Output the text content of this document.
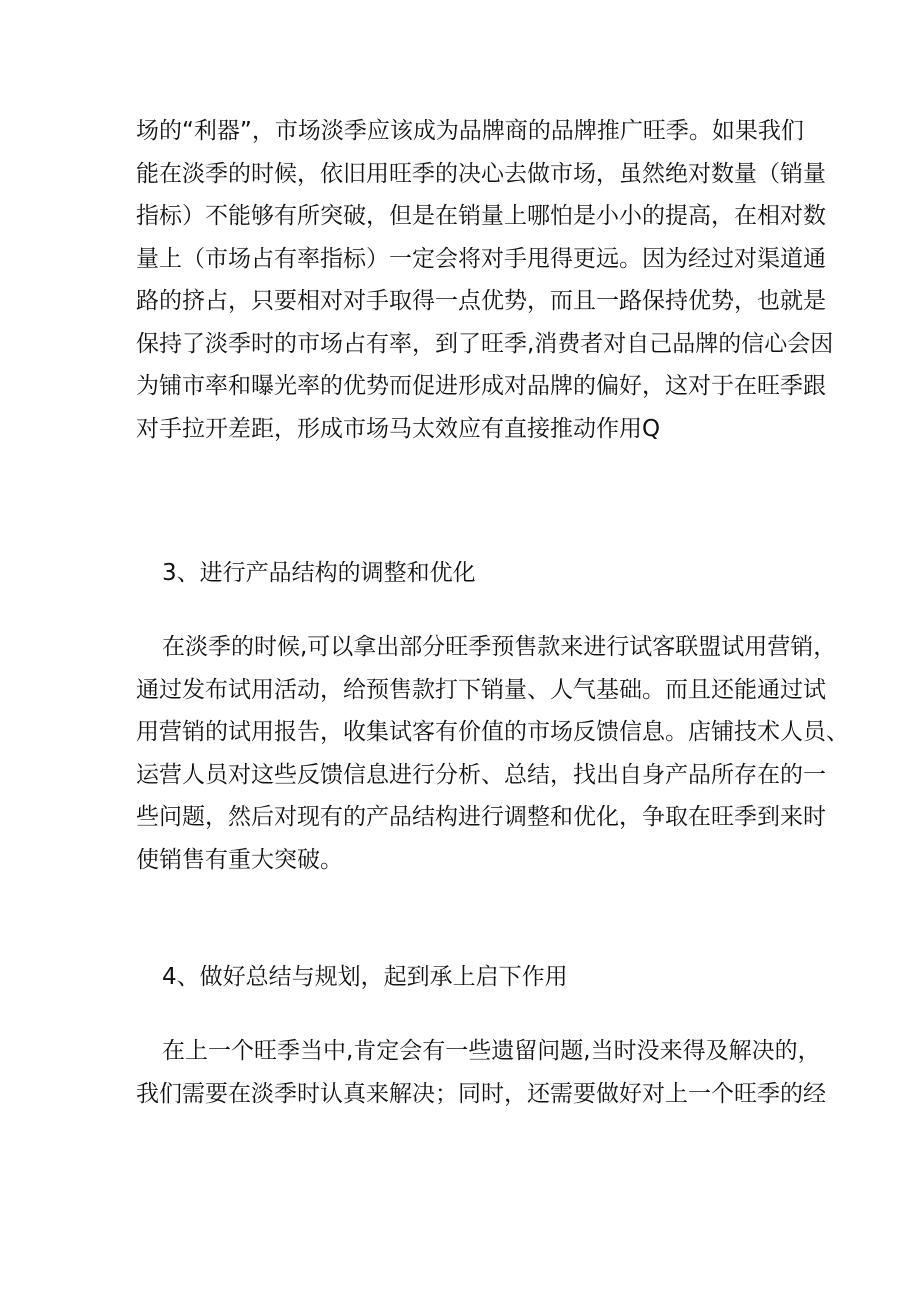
场的“利器”，市场淡季应该成为品牌商的品牌推广旺季。如果我们
能在淡季的时候，依旧用旺季的决心去做市场，虽然绝对数量（销量
指标）不能够有所突破，但是在销量上哪怕是小小的提高，在相对数
量上（市场占有率指标）一定会将对手甩得更远。因为经过对渠道通
路的挤占，只要相对对手取得一点优势，而且一路保持优势，也就是
保持了淡季时的市场占有率，到了旺季,消费者对自己品牌的信心会因
为铺市率和曝光率的优势而促进形成对品牌的偏好，这对于在旺季跟
对手拉开差距，形成市场马太效应有直接推动作用Q
3、进行产品结构的调整和优化
在淡季的时候,可以拿出部分旺季预售款来进行试客联盟试用营销，
通过发布试用活动，给预售款打下销量、人气基础。而且还能通过试
用营销的试用报告，收集试客有价值的市场反馈信息。店铺技术人员、
运营人员对这些反馈信息进行分析、总结，找出自身产品所存在的一
些问题，然后对现有的产品结构进行调整和优化，争取在旺季到来时
使销售有重大突破。
4、做好总结与规划，起到承上启下作用
在上一个旺季当中,肯定会有一些遗留问题,当时没来得及解决的，
我们需要在淡季时认真来解决；同时，还需要做好对上一个旺季的经
